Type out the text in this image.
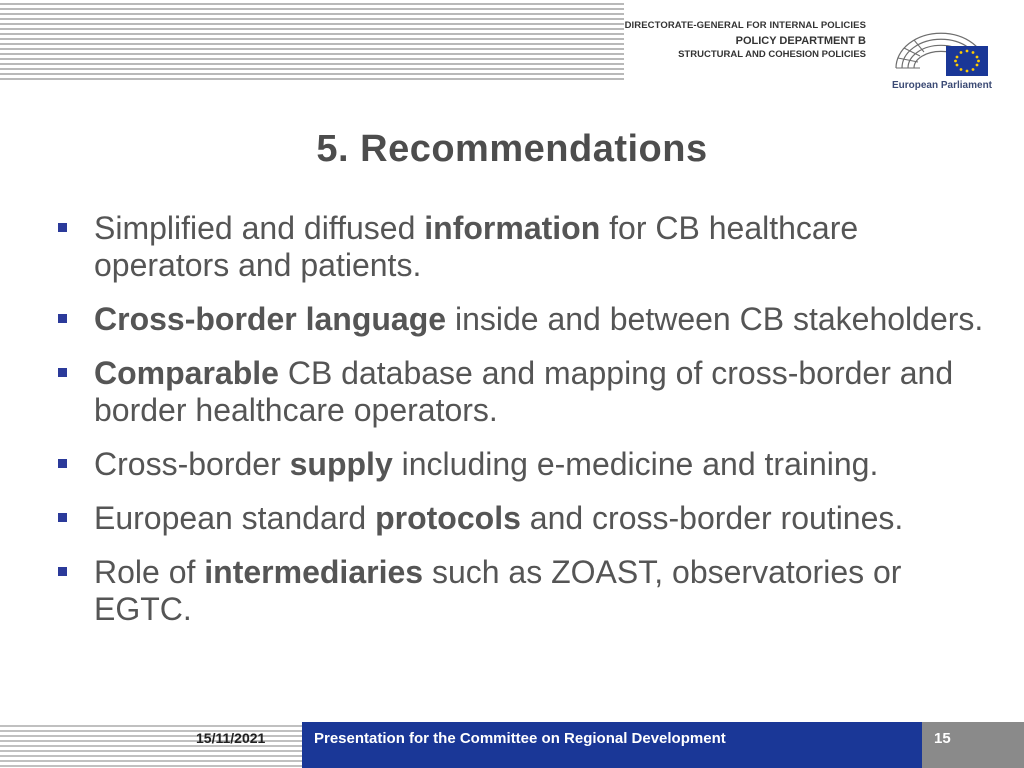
DIRECTORATE-GENERAL FOR INTERNAL POLICIES
POLICY DEPARTMENT B
STRUCTURAL AND COHESION POLICIES
European Parliament
5. Recommendations
Simplified and diffused information for CB healthcare operators and patients.
Cross-border language inside and between CB stakeholders.
Comparable CB database and mapping of cross-border and border healthcare operators.
Cross-border supply including e-medicine and training.
European standard protocols and cross-border routines.
Role of intermediaries such as ZOAST, observatories or EGTC.
15/11/2021	Presentation for the Committee on Regional Development	15
